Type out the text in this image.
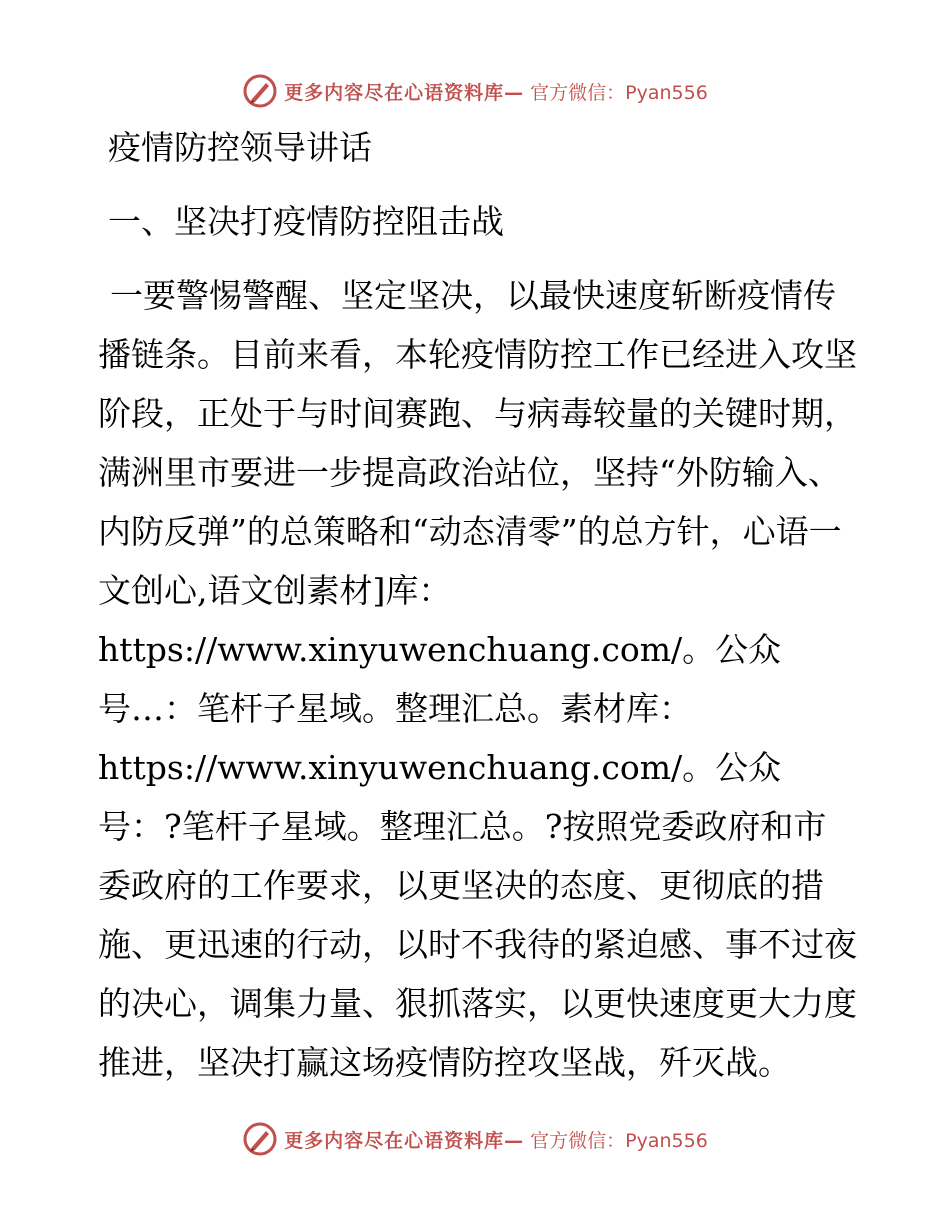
更多内容尽在心语资料库— 官方微信：Pyan556
疫情防控领导讲话
一、坚决打疫情防控阻击战

一要警惕警醒、坚定坚决，以最快速度斩断疫情传播链条。目前来看，本轮疫情防控工作已经进入攻坚阶段，正处于与时间赛跑、与病毒较量的关键时期，满洲里市要进一步提高政治站位，坚持“外防输入、内防反弹”的总策略和“动态清零”的总方针，心语一文创心,语文创素材]库：https://www.xinyuwenchuang.com/。公众号…：笔杆子星域。整理汇总。素材库：https://www.xinyuwenchuang.com/。公众号：?笔杆子星域。整理汇总。?按照党委政府和市委政府的工作要求，以更坚决的态度、更彻底的措施、更迅速的行动，以时不我待的紧迫感、事不过夜的决心，调集力量、狠抓落实，以更快速度更大力度推进，坚决打赢这场疫情防控攻坚战，歼灭战。

更多内容尽在心语资料库— 官方微信：Pyan556
